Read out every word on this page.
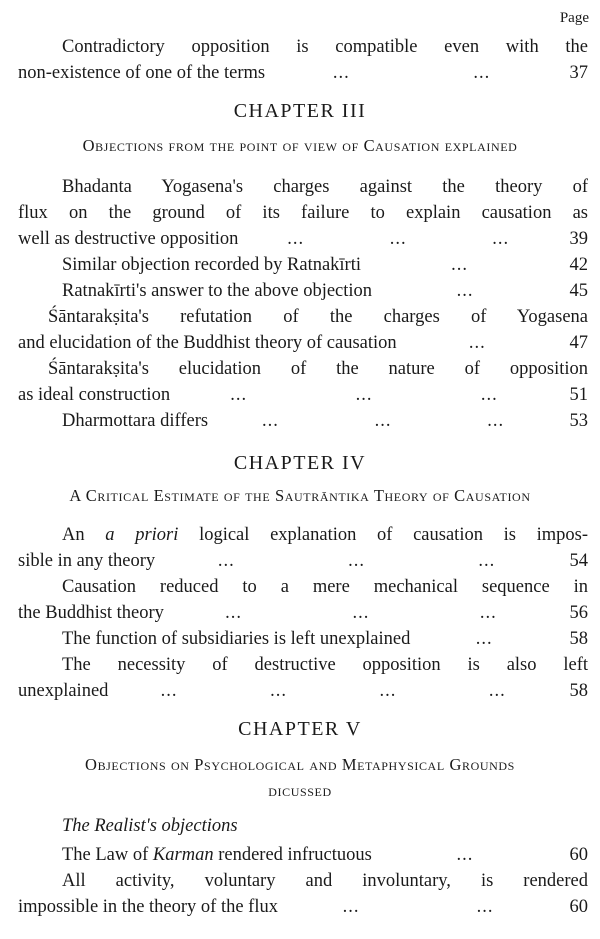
Page
Contradictory opposition is compatible even with the
non-existence of one of the terms	...	...	37
CHAPTER III
Objections from the point of view of Causation explained
Bhadanta Yogasena's charges against the theory of
flux on the ground of its failure to explain causation as
well as destructive opposition	...	...	...	39
Similar objection recorded by Ratnakīrti	...	42
Ratnakīrti's answer to the above objection	...	45
Śāntarakṣita's refutation of the charges of Yogasena
and elucidation of the Buddhist theory of causation	...	47
Śāntarakṣita's elucidation of the nature of opposition
as ideal construction	...	...	...	51
Dharmottara differs	...	...	...	53
CHAPTER IV
A Critical Estimate of the Sautrāntika Theory of Causation
An a priori logical explanation of causation is impos-
sible in any theory	...	...	...	54
Causation reduced to a mere mechanical sequence in
the Buddhist theory	...	...	...	56
The function of subsidiaries is left unexplained	...	58
The necessity of destructive opposition is also left
unexplained	...	...	...	...	58
CHAPTER V
Objections on Psychological and Metaphysical Grounds
dicussed
The Realist's objections
The Law of Karman rendered infructuous	...	60
All activity, voluntary and involuntary, is rendered
impossible in the theory of the flux	...	...	60
